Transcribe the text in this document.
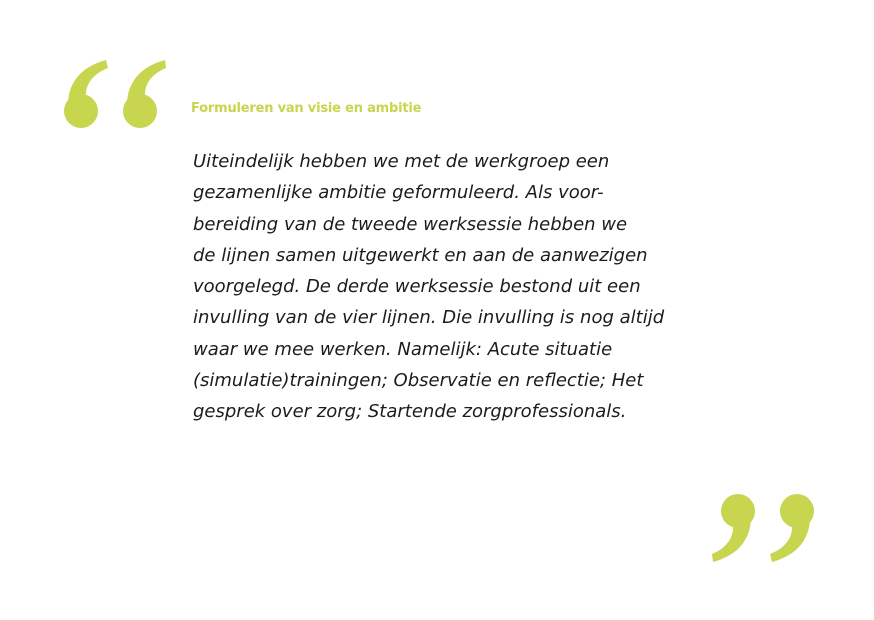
Formuleren van visie en ambitie

Uiteindelijk hebben we met de werkgroep een
gezamenlijke ambitie geformuleerd. Als voor-
bereiding van de tweede werksessie hebben we
de lijnen samen uitgewerkt en aan de aanwezigen
voorgelegd. De derde werksessie bestond uit een
invulling van de vier lijnen. Die invulling is nog altijd
waar we mee werken. Namelijk: Acute situatie
(simulatie)trainingen; Observatie en reflectie; Het
gesprek over zorg; Startende zorgprofessionals.
